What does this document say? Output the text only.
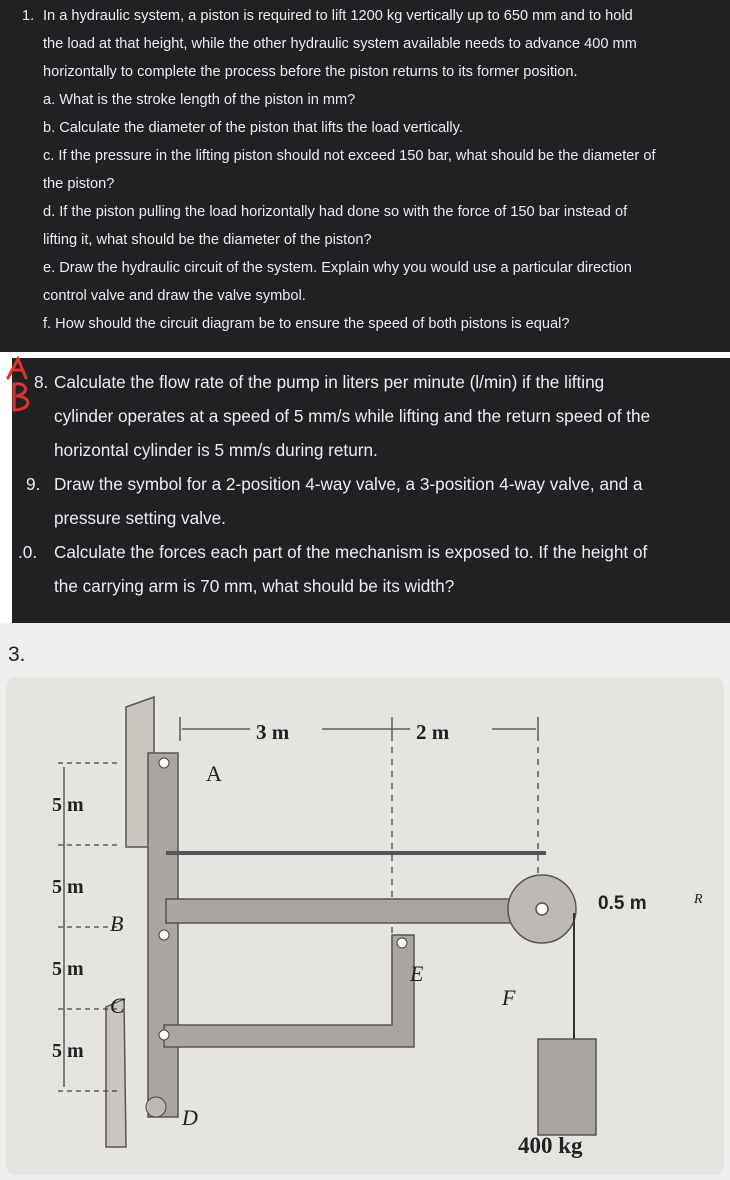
1. In a hydraulic system, a piston is required to lift 1200 kg vertically up to 650 mm and to hold
the load at that height, while the other hydraulic system available needs to advance 400 mm
horizontally to complete the process before the piston returns to its former position.
a. What is the stroke length of the piston in mm?
b. Calculate the diameter of the piston that lifts the load vertically.
c. If the pressure in the lifting piston should not exceed 150 bar, what should be the diameter of
the piston?
d. If the piston pulling the load horizontally had done so with the force of 150 bar instead of
lifting it, what should be the diameter of the piston?
e. Draw the hydraulic circuit of the system. Explain why you would use a particular direction
control valve and draw the valve symbol.
f. How should the circuit diagram be to ensure the speed of both pistons is equal?
8. Calculate the flow rate of the pump in liters per minute (l/min) if the lifting
cylinder operates at a speed of 5 mm/s while lifting and the return speed of the
horizontal cylinder is 5 mm/s during return.
9. Draw the symbol for a 2-position 4-way valve, a 3-position 4-way valve, and a
pressure setting valve.
.0. Calculate the forces each part of the mechanism is exposed to. If the height of
the carrying arm is 70 mm, what should be its width?
3.
3 m	2 m
0.5 m	R
A
B
C
D
E
F
5 m
5 m
5 m
5 m
400 kg
